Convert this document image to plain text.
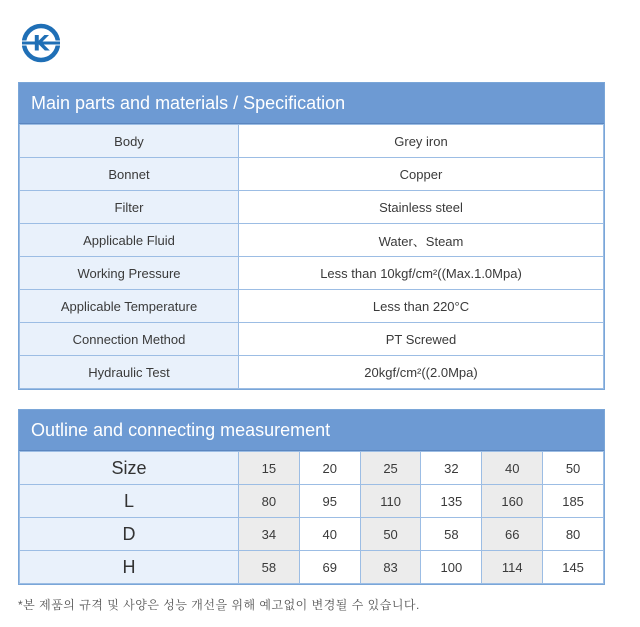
K
Main parts and materials / Specification
Body	Grey iron
Bonnet	Copper
Filter	Stainless steel
Applicable Fluid	Water、Steam
Working Pressure	Less than 10kgf/cm²((Max.1.0Mpa)
Applicable Temperature	Less than 220°C
Connection Method	PT Screwed
Hydraulic Test	20kgf/cm²((2.0Mpa)
Outline and connecting measurement
Size	15	20	25	32	40	50
L	80	95	110	135	160	185
D	34	40	50	58	66	80
H	58	69	83	100	114	145
*본 제품의 규격 및 사양은 성능 개선을 위해 예고없이 변경될 수 있습니다.
